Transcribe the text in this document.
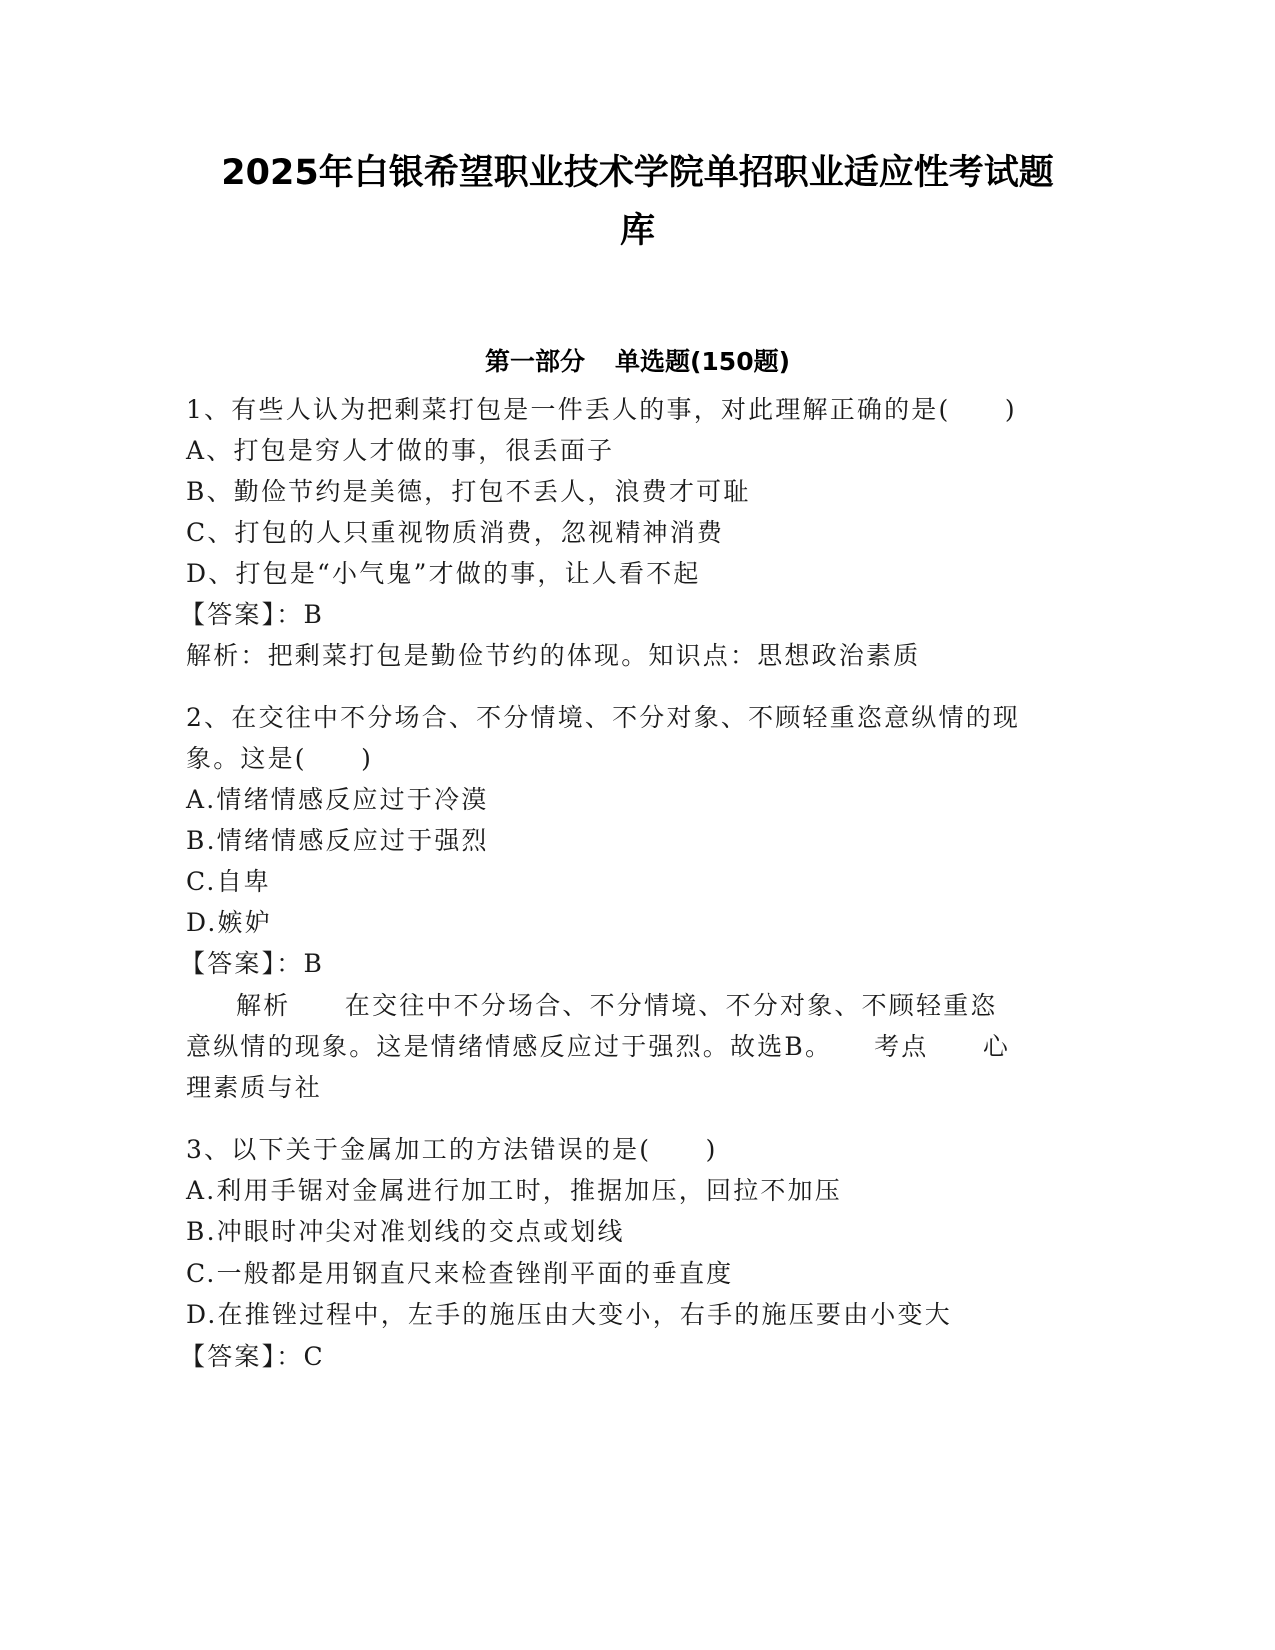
2025年白银希望职业技术学院单招职业适应性考试题
库
第一部分 单选题(150题)
1、有些人认为把剩菜打包是一件丢人的事，对此理解正确的是(　　)
A、打包是穷人才做的事，很丢面子
B、勤俭节约是美德，打包不丢人，浪费才可耻
C、打包的人只重视物质消费，忽视精神消费
D、打包是“小气鬼”才做的事，让人看不起
【答案】：B
解析：把剩菜打包是勤俭节约的体现。知识点：思想政治素质
2、在交往中不分场合、不分情境、不分对象、不顾轻重恣意纵情的现
象。这是(　　)
A.情绪情感反应过于冷漠
B.情绪情感反应过于强烈
C.自卑
D.嫉妒
【答案】：B
解析　　在交往中不分场合、不分情境、不分对象、不顾轻重恣
意纵情的现象。这是情绪情感反应过于强烈。故选B。　　考点　　心
理素质与社
3、以下关于金属加工的方法错误的是(　　)
A.利用手锯对金属进行加工时，推据加压，回拉不加压
B.冲眼时冲尖对准划线的交点或划线
C.一般都是用钢直尺来检查锉削平面的垂直度
D.在推锉过程中，左手的施压由大变小，右手的施压要由小变大
【答案】：C
